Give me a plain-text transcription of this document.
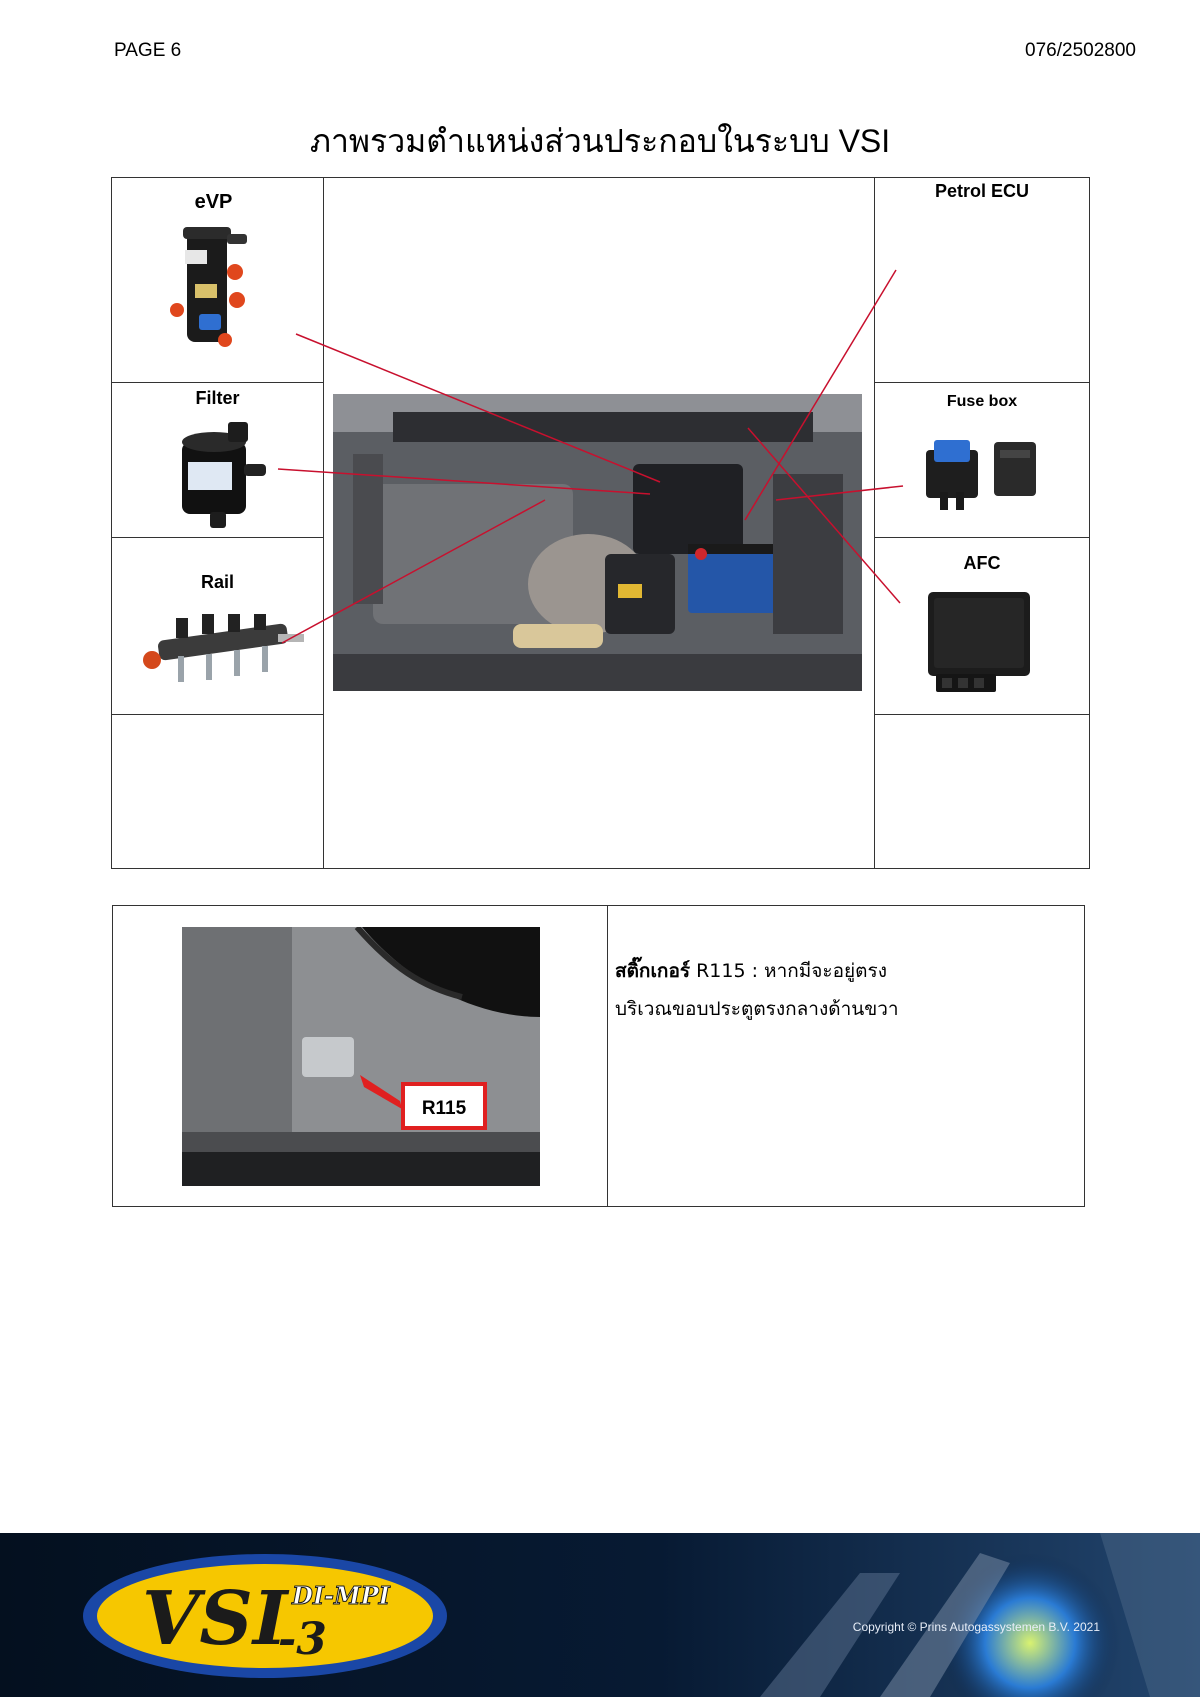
PAGE 6	076/2502800
ภาพรวมตำแหน่งส่วนประกอบในระบบ VSI
eVP
Filter
Rail
Petrol ECU
Fuse box
AFC
R115
สติ๊กเกอร์ R115 : หากมีจะอยู่ตรง
บริเวณขอบประตูตรงกลางด้านขวา
VSI
-3
DI-MPI
Copyright © Prins Autogassystemen B.V. 2021
